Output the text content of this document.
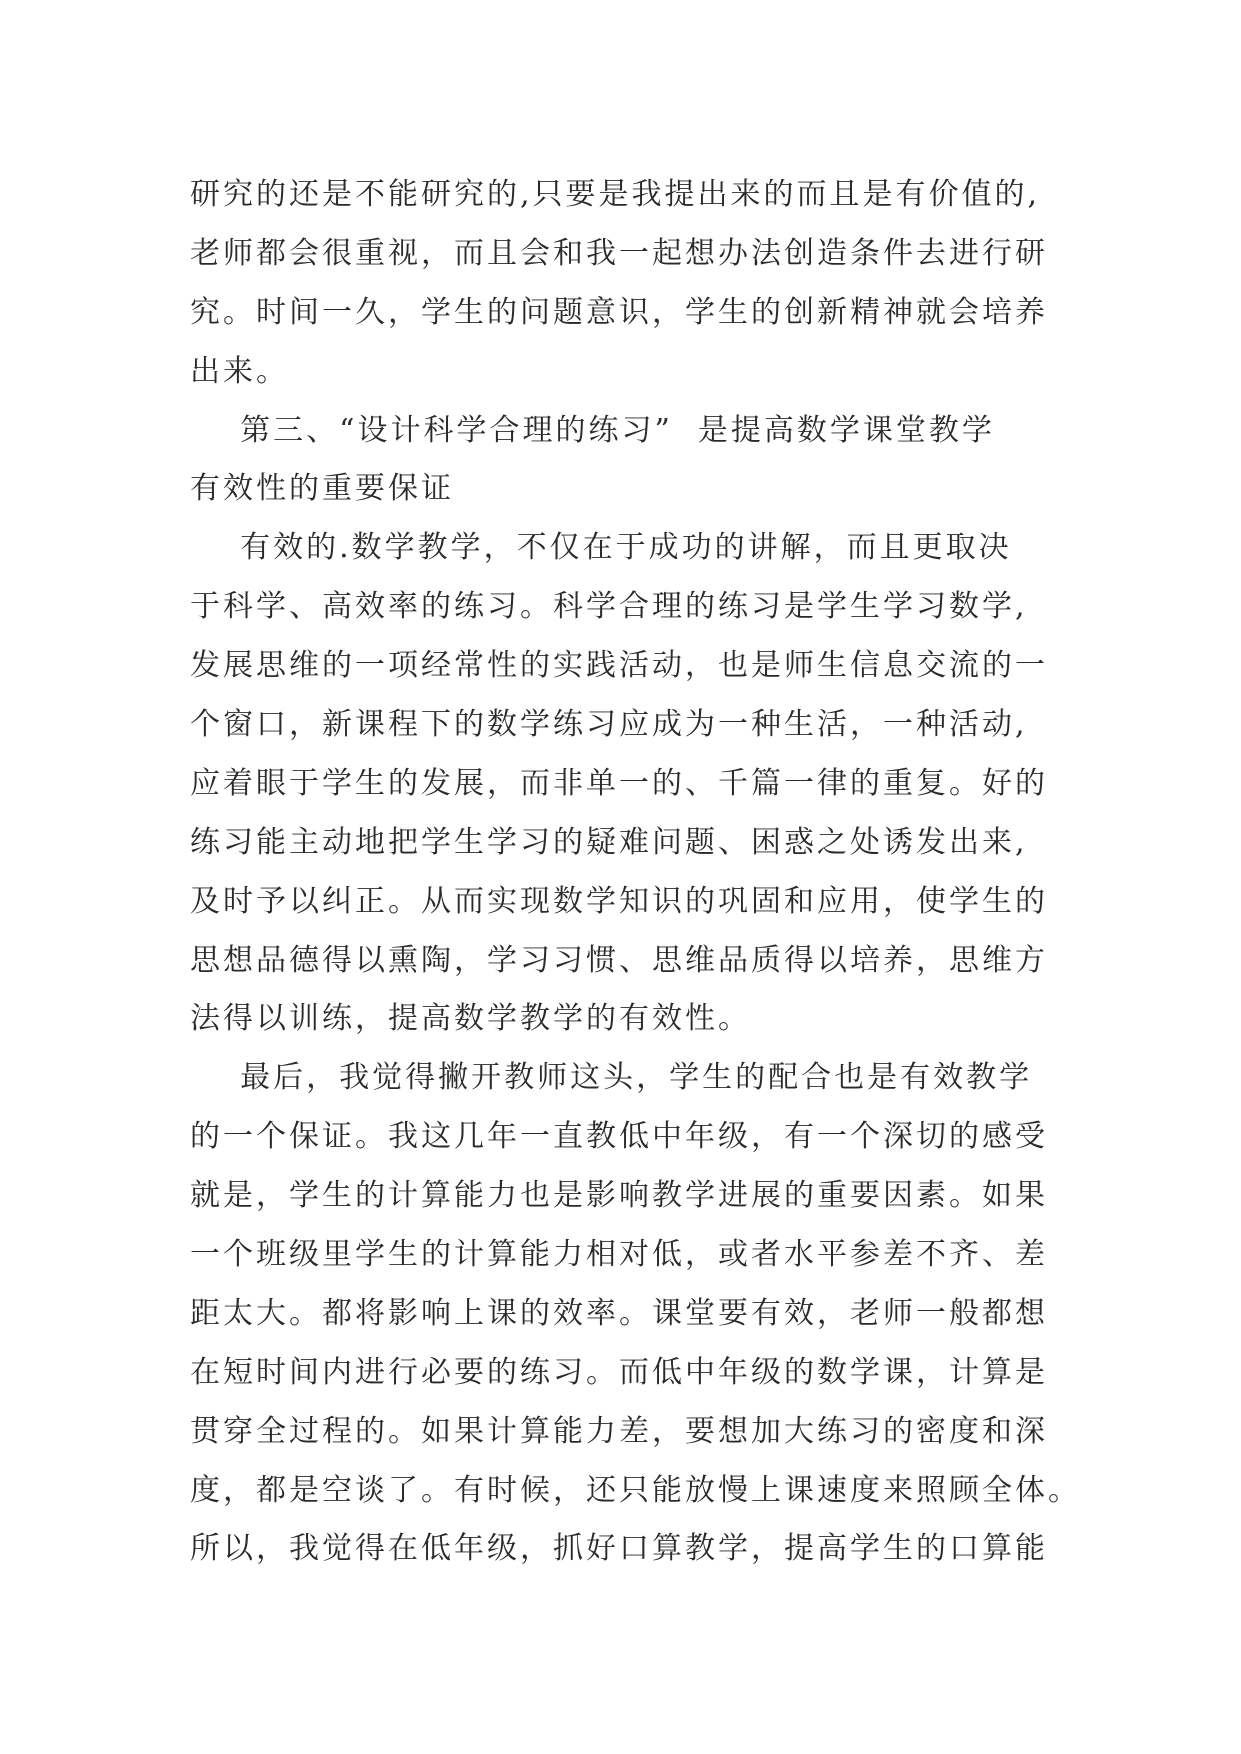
研究的还是不能研究的,只要是我提出来的而且是有价值的,
老师都会很重视，而且会和我一起想办法创造条件去进行研
究。时间一久，学生的问题意识，学生的创新精神就会培养
出来。
第三、“设计科学合理的练习”  是提高数学课堂教学
有效性的重要保证
有效的.数学教学，不仅在于成功的讲解，而且更取决
于科学、高效率的练习。科学合理的练习是学生学习数学,
发展思维的一项经常性的实践活动，也是师生信息交流的一
个窗口，新课程下的数学练习应成为一种生活，一种活动,
应着眼于学生的发展，而非单一的、千篇一律的重复。好的
练习能主动地把学生学习的疑难问题、困惑之处诱发出来,
及时予以纠正。从而实现数学知识的巩固和应用，使学生的
思想品德得以熏陶，学习习惯、思维品质得以培养，思维方
法得以训练，提高数学教学的有效性。
最后，我觉得撇开教师这头，学生的配合也是有效教学
的一个保证。我这几年一直教低中年级，有一个深切的感受
就是，学生的计算能力也是影响教学进展的重要因素。如果
一个班级里学生的计算能力相对低，或者水平参差不齐、差
距太大。都将影响上课的效率。课堂要有效，老师一般都想
在短时间内进行必要的练习。而低中年级的数学课，计算是
贯穿全过程的。如果计算能力差，要想加大练习的密度和深
度，都是空谈了。有时候，还只能放慢上课速度来照顾全体。
所以，我觉得在低年级，抓好口算教学，提高学生的口算能
